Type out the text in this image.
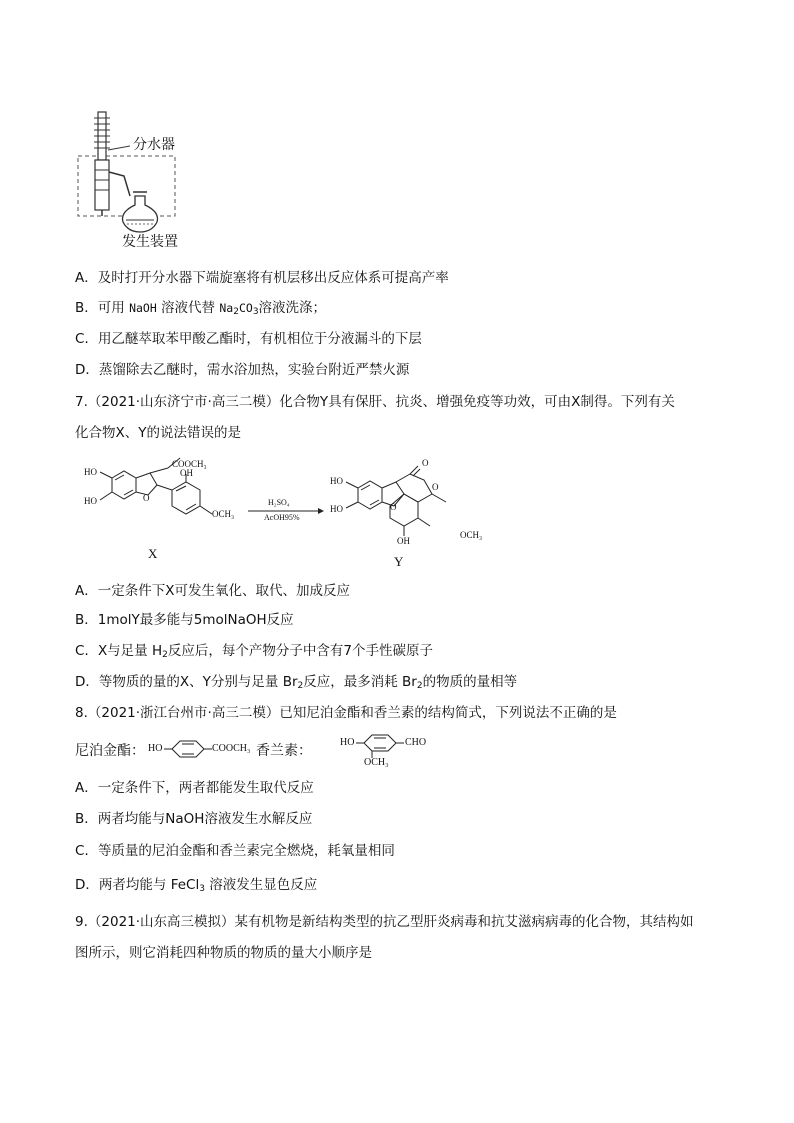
分水器
发生装置
A．及时打开分水器下端旋塞将有机层移出反应体系可提高产率
B．可用 NaOH 溶液代替 $Na_2CO_3$溶液洗涤；
C．用乙醚萃取苯甲酸乙酯时，有机相位于分液漏斗的下层
D．蒸馏除去乙醚时，需水浴加热，实验台附近严禁火源
7.（2021·山东济宁市·高三二模）化合物Y具有保肝、抗炎、增强免疫等功效，可由X制得。下列有关
化合物X、Y的说法错误的是
HO
HO
COOCH₃
O
OH
OCH₃
X
H₂SO₄
AcOH95%
HO
HO
O
O
O
OH
OCH₃
Y
A．一定条件下X可发生氧化、取代、加成反应
B．1molY最多能与5molNaOH反应
C．X与足量 $H_2$反应后，每个产物分子中含有7个手性碳原子
D．等物质的量的X、Y分别与足量 $Br_2$反应，最多消耗 $Br_2$的物质的量相等
8.（2021·浙江台州市·高三二模）已知尼泊金酯和香兰素的结构简式，下列说法不正确的是
尼泊金酯： HO	COOCH₃ 香兰素：
HO	CHO
OCH₃
A．一定条件下，两者都能发生取代反应
B．两者均能与NaOH溶液发生水解反应
C．等质量的尼泊金酯和香兰素完全燃烧，耗氧量相同
D．两者均能与 FeCl$_3$ 溶液发生显色反应
9.（2021·山东高三模拟）某有机物是新结构类型的抗乙型肝炎病毒和抗艾滋病病毒的化合物，其结构如
图所示，则它消耗四种物质的物质的量大小顺序是
